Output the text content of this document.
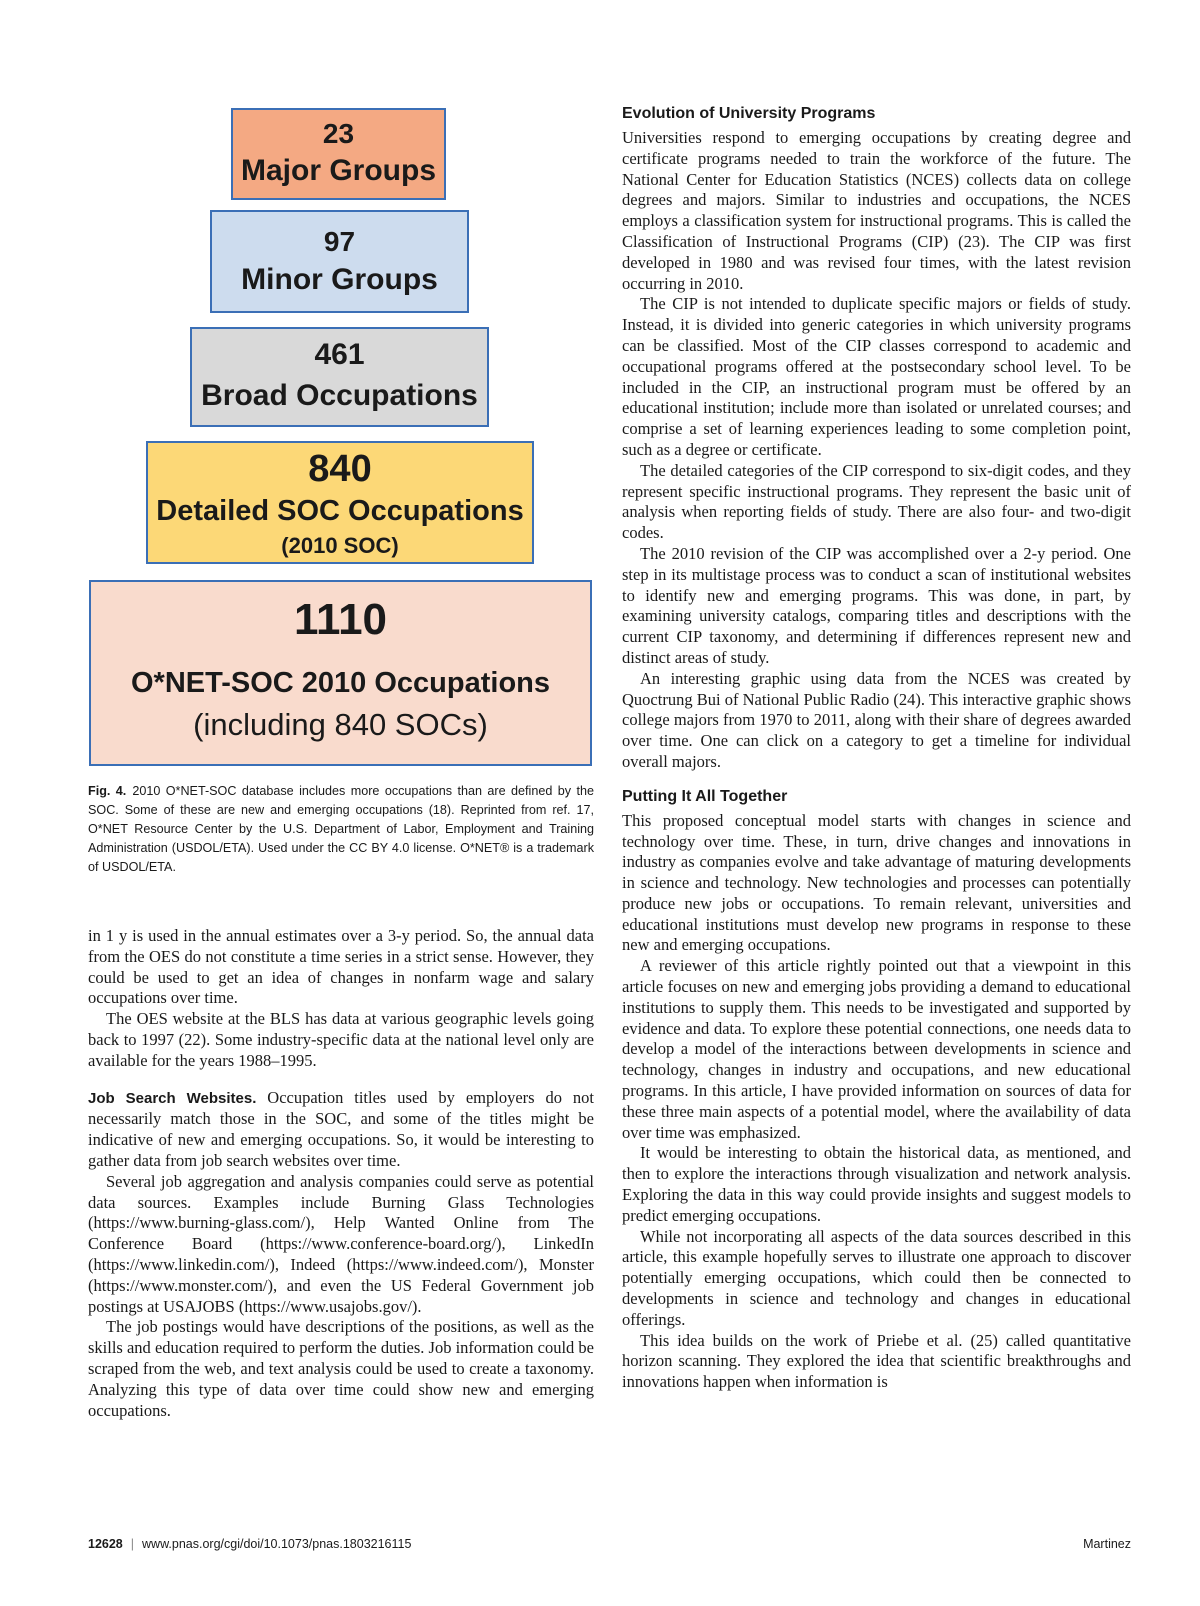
23
Major Groups
97
Minor Groups
461
Broad Occupations
840
Detailed SOC Occupations
(2010 SOC)
1110
O*NET-SOC 2010 Occupations
(including 840 SOCs)
Fig. 4. 2010 O*NET-SOC database includes more occupations than are defined by the SOC. Some of these are new and emerging occupations (18). Reprinted from ref. 17, O*NET Resource Center by the U.S. Department of Labor, Employment and Training Administration (USDOL/ETA). Used under the CC BY 4.0 license. O*NET® is a trademark of USDOL/ETA.

in 1 y is used in the annual estimates over a 3-y period. So, the annual data from the OES do not constitute a time series in a strict sense. However, they could be used to get an idea of changes in nonfarm wage and salary occupations over time.

The OES website at the BLS has data at various geographic levels going back to 1997 (22). Some industry-specific data at the national level only are available for the years 1988–1995.

Job Search Websites. Occupation titles used by employers do not necessarily match those in the SOC, and some of the titles might be indicative of new and emerging occupations. So, it would be interesting to gather data from job search websites over time.

Several job aggregation and analysis companies could serve as potential data sources. Examples include Burning Glass Technologies (https://www.burning-glass.com/), Help Wanted Online from The Conference Board (https://www.conference-board.org/), LinkedIn (https://www.linkedin.com/), Indeed (https://www.indeed.com/), Monster (https://www.monster.com/), and even the US Federal Government job postings at USAJOBS (https://www.usajobs.gov/).

The job postings would have descriptions of the positions, as well as the skills and education required to perform the duties. Job information could be scraped from the web, and text analysis could be used to create a taxonomy. Analyzing this type of data over time could show new and emerging occupations.

Evolution of University Programs

Universities respond to emerging occupations by creating degree and certificate programs needed to train the workforce of the future. The National Center for Education Statistics (NCES) collects data on college degrees and majors. Similar to industries and occupations, the NCES employs a classification system for instructional programs. This is called the Classification of Instructional Programs (CIP) (23). The CIP was first developed in 1980 and was revised four times, with the latest revision occurring in 2010.

The CIP is not intended to duplicate specific majors or fields of study. Instead, it is divided into generic categories in which university programs can be classified. Most of the CIP classes correspond to academic and occupational programs offered at the postsecondary school level. To be included in the CIP, an instructional program must be offered by an educational institution; include more than isolated or unrelated courses; and comprise a set of learning experiences leading to some completion point, such as a degree or certificate.

The detailed categories of the CIP correspond to six-digit codes, and they represent specific instructional programs. They represent the basic unit of analysis when reporting fields of study. There are also four- and two-digit codes.

The 2010 revision of the CIP was accomplished over a 2-y period. One step in its multistage process was to conduct a scan of institutional websites to identify new and emerging programs. This was done, in part, by examining university catalogs, comparing titles and descriptions with the current CIP taxonomy, and determining if differences represent new and distinct areas of study.

An interesting graphic using data from the NCES was created by Quoctrung Bui of National Public Radio (24). This interactive graphic shows college majors from 1970 to 2011, along with their share of degrees awarded over time. One can click on a category to get a timeline for individual overall majors.

Putting It All Together

This proposed conceptual model starts with changes in science and technology over time. These, in turn, drive changes and innovations in industry as companies evolve and take advantage of maturing developments in science and technology. New technologies and processes can potentially produce new jobs or occupations. To remain relevant, universities and educational institutions must develop new programs in response to these new and emerging occupations.

A reviewer of this article rightly pointed out that a viewpoint in this article focuses on new and emerging jobs providing a demand to educational institutions to supply them. This needs to be investigated and supported by evidence and data. To explore these potential connections, one needs data to develop a model of the interactions between developments in science and technology, changes in industry and occupations, and new educational programs. In this article, I have provided information on sources of data for these three main aspects of a potential model, where the availability of data over time was emphasized.

It would be interesting to obtain the historical data, as mentioned, and then to explore the interactions through visualization and network analysis. Exploring the data in this way could provide insights and suggest models to predict emerging occupations.

While not incorporating all aspects of the data sources described in this article, this example hopefully serves to illustrate one approach to discover potentially emerging occupations, which could then be connected to developments in science and technology and changes in educational offerings.

This idea builds on the work of Priebe et al. (25) called quantitative horizon scanning. They explored the idea that scientific breakthroughs and innovations happen when information is

12628 | www.pnas.org/cgi/doi/10.1073/pnas.1803216115	Martinez
